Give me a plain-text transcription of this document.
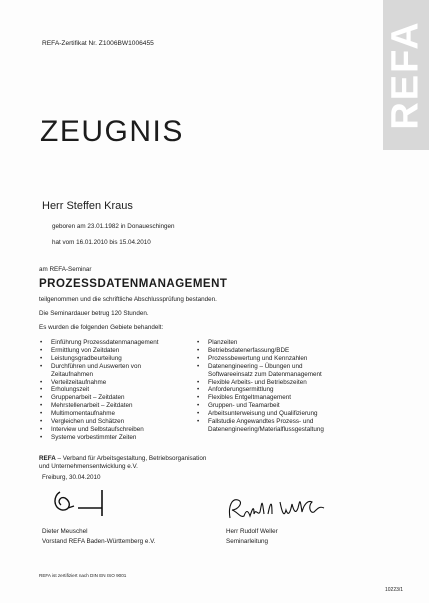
REFA-Zertifikat Nr. Z1006BW1006455	REFA
ZEUGNIS
Herr Steffen Kraus
geboren am 23.01.1982 in Donaueschingen
hat vom 16.01.2010 bis 15.04.2010
am REFA-Seminar
PROZESSDATENMANAGEMENT
teilgenommen und die schriftliche Abschlussprüfung bestanden.
Die Seminardauer betrug 120 Stunden.
Es wurden die folgenden Gebiete behandelt:
• Einführung Prozessdatenmanagement
• Ermittlung von Zeitdaten
• Leistungsgradbeurteilung
• Durchführen und Auswerten von
Zeitaufnahmen
• Verteilzeitaufnahme
• Erholungszeit
• Gruppenarbeit – Zeitdaten
• Mehrstellenarbeit – Zeitdaten
• Multimomentaufnahme
• Vergleichen und Schätzen
• Interview und Selbstaufschreiben
• Systeme vorbestimmter Zeiten
• Planzeiten
• Betriebsdatenerfassung/BDE
• Prozessbewertung und Kennzahlen
• Datenengineering – Übungen und
Softwareeinsatz zum Datenmanagement
• Flexible Arbeits- und Betriebszeiten
• Anforderungsermittlung
• Flexibles Entgeltmanagement
• Gruppen- und Teamarbeit
• Arbeitsunterweisung und Qualifizierung
• Fallstudie Angewandtes Prozess- und
Datenengineering/Materialflussgestaltung
REFA – Verband für Arbeitsgestaltung, Betriebsorganisation
und Unternehmensentwicklung e.V.
Freiburg, 30.04.2010
Dieter Meuschel
Vorstand REFA Baden-Württemberg e.V.
Herr Rudolf Weller
Seminarleitung
REFA ist zertifiziert nach DIN EN ISO 9001
10223/1
